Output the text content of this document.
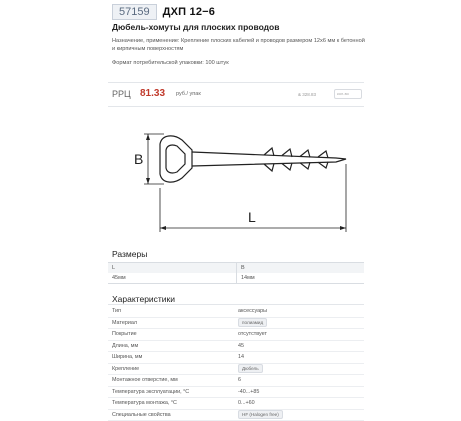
57159	ДХП 12−6
Дюбель-хомуты для плоских проводов
Назначение, применение: Крепление плоских кабелей и проводов размером 12х6 мм к бетонной и кирпичным поверхностям
Формат потребительской упаковки: 100 штук
РРЦ 81.33 руб./ упак	& 328.83	кол-во
B
L
Размеры
L	B
45мм	14мм
Характеристики
Тип	аксессуары
Материал	полиамид
Покрытие	отсутствует
Длина, мм	45
Ширина, мм	14
Крепление	Дюбель
Монтажное отверстие, мм	6
Температура эксплуатации, °C	-40...+85
Температура монтажа, °C	0...+60
Специальные свойства	HF (Halogen free)
